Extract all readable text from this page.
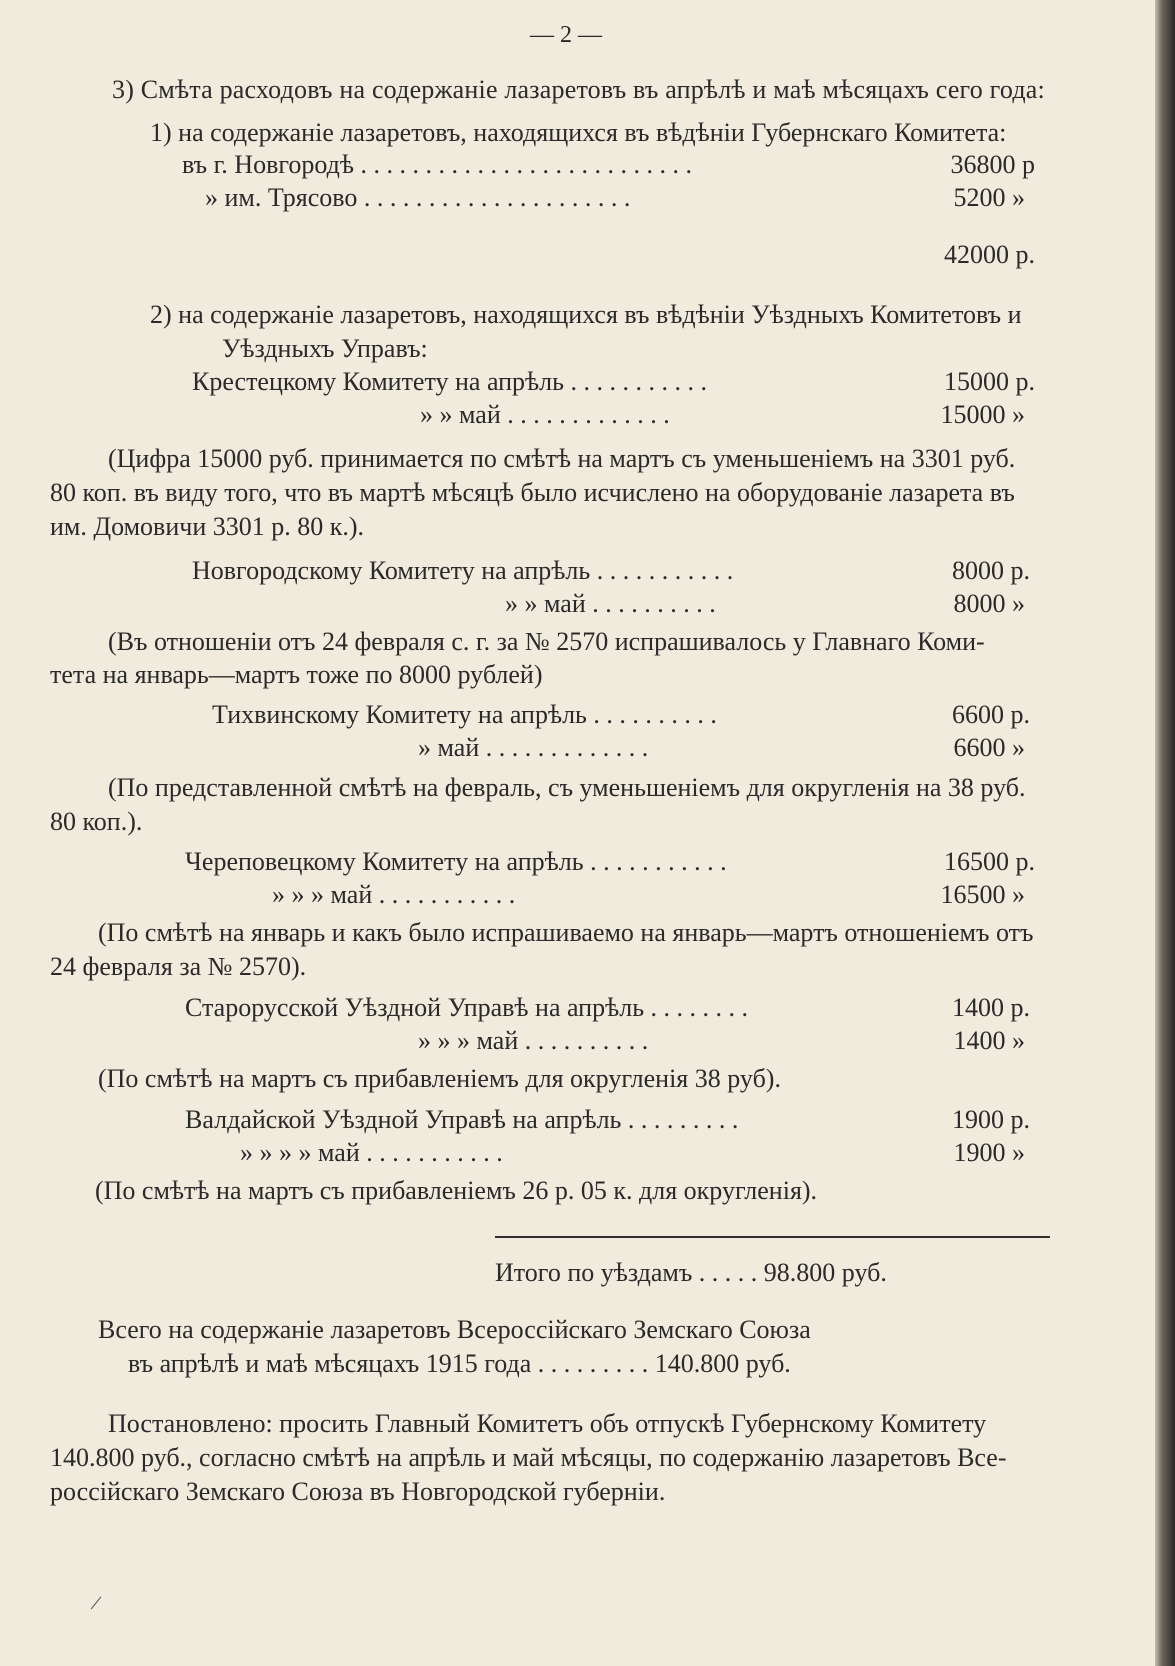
— 2 —
3) Смѣта расходовъ на содержаніе лазаретовъ въ апрѣлѣ и маѣ мѣсяцахъ сего года:
1) на содержаніе лазаретовъ, находящихся въ вѣдѣніи Губернскаго Комитета:
въ г. Новгородѣ . . . . . . . . . . . . . . . . . . . . . . . . . .	36800 р
» им. Трясово . . . . . . . . . . . . . . . . . . . . .	5200 »
42000 р.
2) на содержаніе лазаретовъ, находящихся въ вѣдѣніи Уѣздныхъ Комитетовъ и
Уѣздныхъ Управъ:
Крестецкому Комитету на апрѣль . . . . . . . . . . .	15000 р.
» » май . . . . . . . . . . . . .	15000 »
(Цифра 15000 руб. принимается по смѣтѣ на мартъ съ уменьшеніемъ на 3301 руб.
80 коп. въ виду того, что въ мартѣ мѣсяцѣ было исчислено на оборудованіе лазарета въ
им. Домовичи 3301 р. 80 к.).
Новгородскому Комитету на апрѣль . . . . . . . . . . .	8000 р.
» » май . . . . . . . . . .	8000 »
(Въ отношеніи отъ 24 февраля с. г. за № 2570 испрашивалось у Главнаго Коми-
тета на январь—мартъ тоже по 8000 рублей)
Тихвинскому Комитету на апрѣль . . . . . . . . . .	6600 р.
» май . . . . . . . . . . . . .	6600 »
(По представленной смѣтѣ на февраль, съ уменьшеніемъ для округленія на 38 руб.
80 коп.).
Череповецкому Комитету на апрѣль . . . . . . . . . . .	16500 р.
» » » май . . . . . . . . . . .	16500 »
(По смѣтѣ на январь и какъ было испрашиваемо на январь—мартъ отношеніемъ отъ
24 февраля за № 2570).
Старорусской Уѣздной Управѣ на апрѣль . . . . . . . .	1400 р.
» » » май . . . . . . . . . .	1400 »
(По смѣтѣ на мартъ съ прибавленіемъ для округленія 38 руб).
Валдайской Уѣздной Управѣ на апрѣль . . . . . . . . .	1900 р.
» » » » май . . . . . . . . . . .	1900 »
(По смѣтѣ на мартъ съ прибавленіемъ 26 р. 05 к. для округленія).
Итого по уѣздамъ . . . . . 98.800 руб.
Всего на содержаніе лазаретовъ Всероссійскаго Земскаго Союза
въ апрѣлѣ и маѣ мѣсяцахъ 1915 года . . . . . . . . . 140.800 руб.
Постановлено: просить Главный Комитетъ объ отпускѣ Губернскому Комитету
140.800 руб., согласно смѣтѣ на апрѣль и май мѣсяцы, по содержанію лазаретовъ Все-
россійскаго Земскаго Союза въ Новгородской губерніи.
/
